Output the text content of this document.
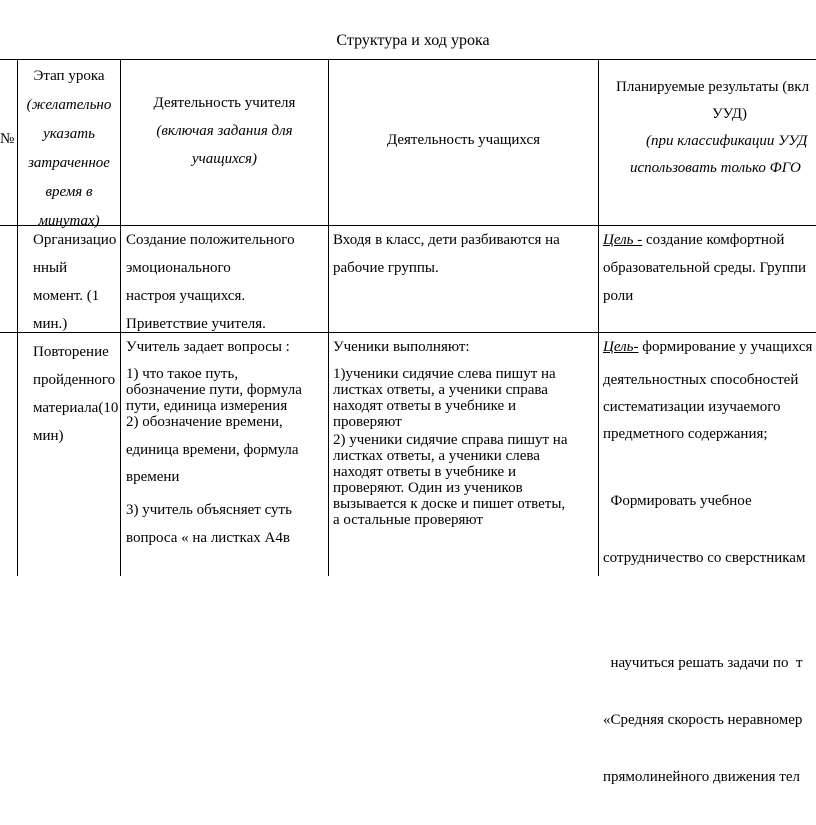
Структура и ход урока
№
Этап урока
(желательно
указать
затраченное
время в
минутах)
Деятельность учителя
(включая задания для
учащихся)
Деятельность учащихся
Планируемые результаты (вкл
УУД)
(при классификации УУД
использовать только ФГО
Организацио
нный
момент. (1
мин.)
Создание положительного
эмоционального
настроя учащихся.
Приветствие учителя.
Входя в класс, дети разбиваются на
рабочие группы.
Цель - создание комфортной
образовательной среды. Группи
роли
Повторение
пройденного
материала(10
мин)
Учитель задает вопросы :
1) что такое путь,
обозначение пути, формула
пути, единица измерения
2) обозначение времени,
единица времени, формула
времени
3) учитель объясняет суть
вопроса « на листках А4в
Ученики выполняют:
1)ученики сидячие слева пишут на
листках ответы, а ученики справа
находят ответы в учебнике и
проверяют
2) ученики сидячие справа пишут на
листках ответы, а ученики слева
находят ответы в учебнике и
проверяют. Один из учеников
вызывается к доске и пишет ответы,
а остальные проверяют
Цель- формирование у учащихся
деятельностных способностей
систематизации изучаемого
предметного содержания;

Формировать учебное

сотрудничество со сверстникам

научиться решать задачи по  т

«Средняя скорость неравномер

прямолинейного движения тел
